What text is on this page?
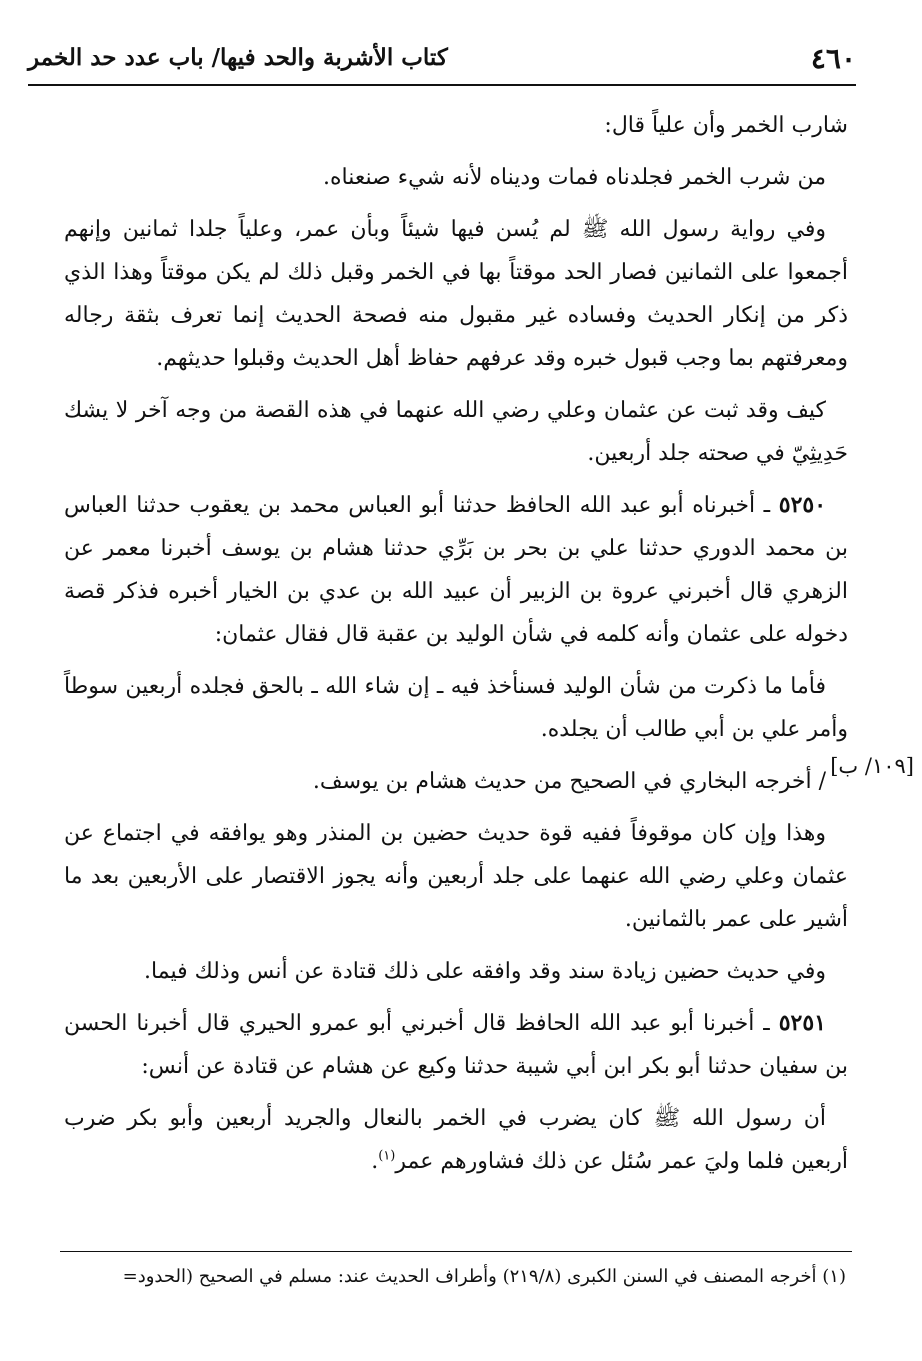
٤٦٠
كتاب الأشربة والحد فيها/ باب عدد حد الخمر
[١٠٩/ ب]

شارب الخمر وأن علياً قال:

من شرب الخمر فجلدناه فمات وديناه لأنه شيء صنعناه.

وفي رواية رسول الله ﷺ لم يُسن فيها شيئاً وبأن عمر، وعلياً جلدا ثمانين وإنهم أجمعوا على الثمانين فصار الحد موقتاً بها في الخمر وقبل ذلك لم يكن موقتاً وهذا الذي ذكر من إنكار الحديث وفساده غير مقبول منه فصحة الحديث إنما تعرف بثقة رجاله ومعرفتهم بما وجب قبول خبره وقد عرفهم حفاظ أهل الحديث وقبلوا حديثهم.

كيف وقد ثبت عن عثمان وعلي رضي الله عنهما في هذه القصة من وجه آخر لا يشك حَدِيثِيّ في صحته جلد أربعين.

٥٢٥٠ ـ أخبرناه أبو عبد الله الحافظ حدثنا أبو العباس محمد بن يعقوب حدثنا العباس بن محمد الدوري حدثنا علي بن بحر بن بَرِّي حدثنا هشام بن يوسف أخبرنا معمر عن الزهري قال أخبرني عروة بن الزبير أن عبيد الله بن عدي بن الخيار أخبره فذكر قصة دخوله على عثمان وأنه كلمه في شأن الوليد بن عقبة قال فقال عثمان:

فأما ما ذكرت من شأن الوليد فسنأخذ فيه ـ إن شاء الله ـ بالحق فجلده أربعين سوطاً وأمر علي بن أبي طالب أن يجلده.

/ أخرجه البخاري في الصحيح من حديث هشام بن يوسف.

وهذا وإن كان موقوفاً ففيه قوة حديث حضين بن المنذر وهو يوافقه في اجتماع عن عثمان وعلي رضي الله عنهما على جلد أربعين وأنه يجوز الاقتصار على الأربعين بعد ما أشير على عمر بالثمانين.

وفي حديث حضين زيادة سند وقد وافقه على ذلك قتادة عن أنس وذلك فيما.

٥٢٥١ ـ أخبرنا أبو عبد الله الحافظ قال أخبرني أبو عمرو الحيري قال أخبرنا الحسن بن سفيان حدثنا أبو بكر ابن أبي شيبة حدثنا وكيع عن هشام عن قتادة عن أنس:

أن رسول الله ﷺ كان يضرب في الخمر بالنعال والجريد أربعين وأبو بكر ضرب أربعين فلما وليَ عمر سُئل عن ذلك فشاورهم عمر$^{(١)}$.

(١) أخرجه المصنف في السنن الكبرى (٢١٩/٨) وأطراف الحديث عند: مسلم في الصحيح (الحدود=
